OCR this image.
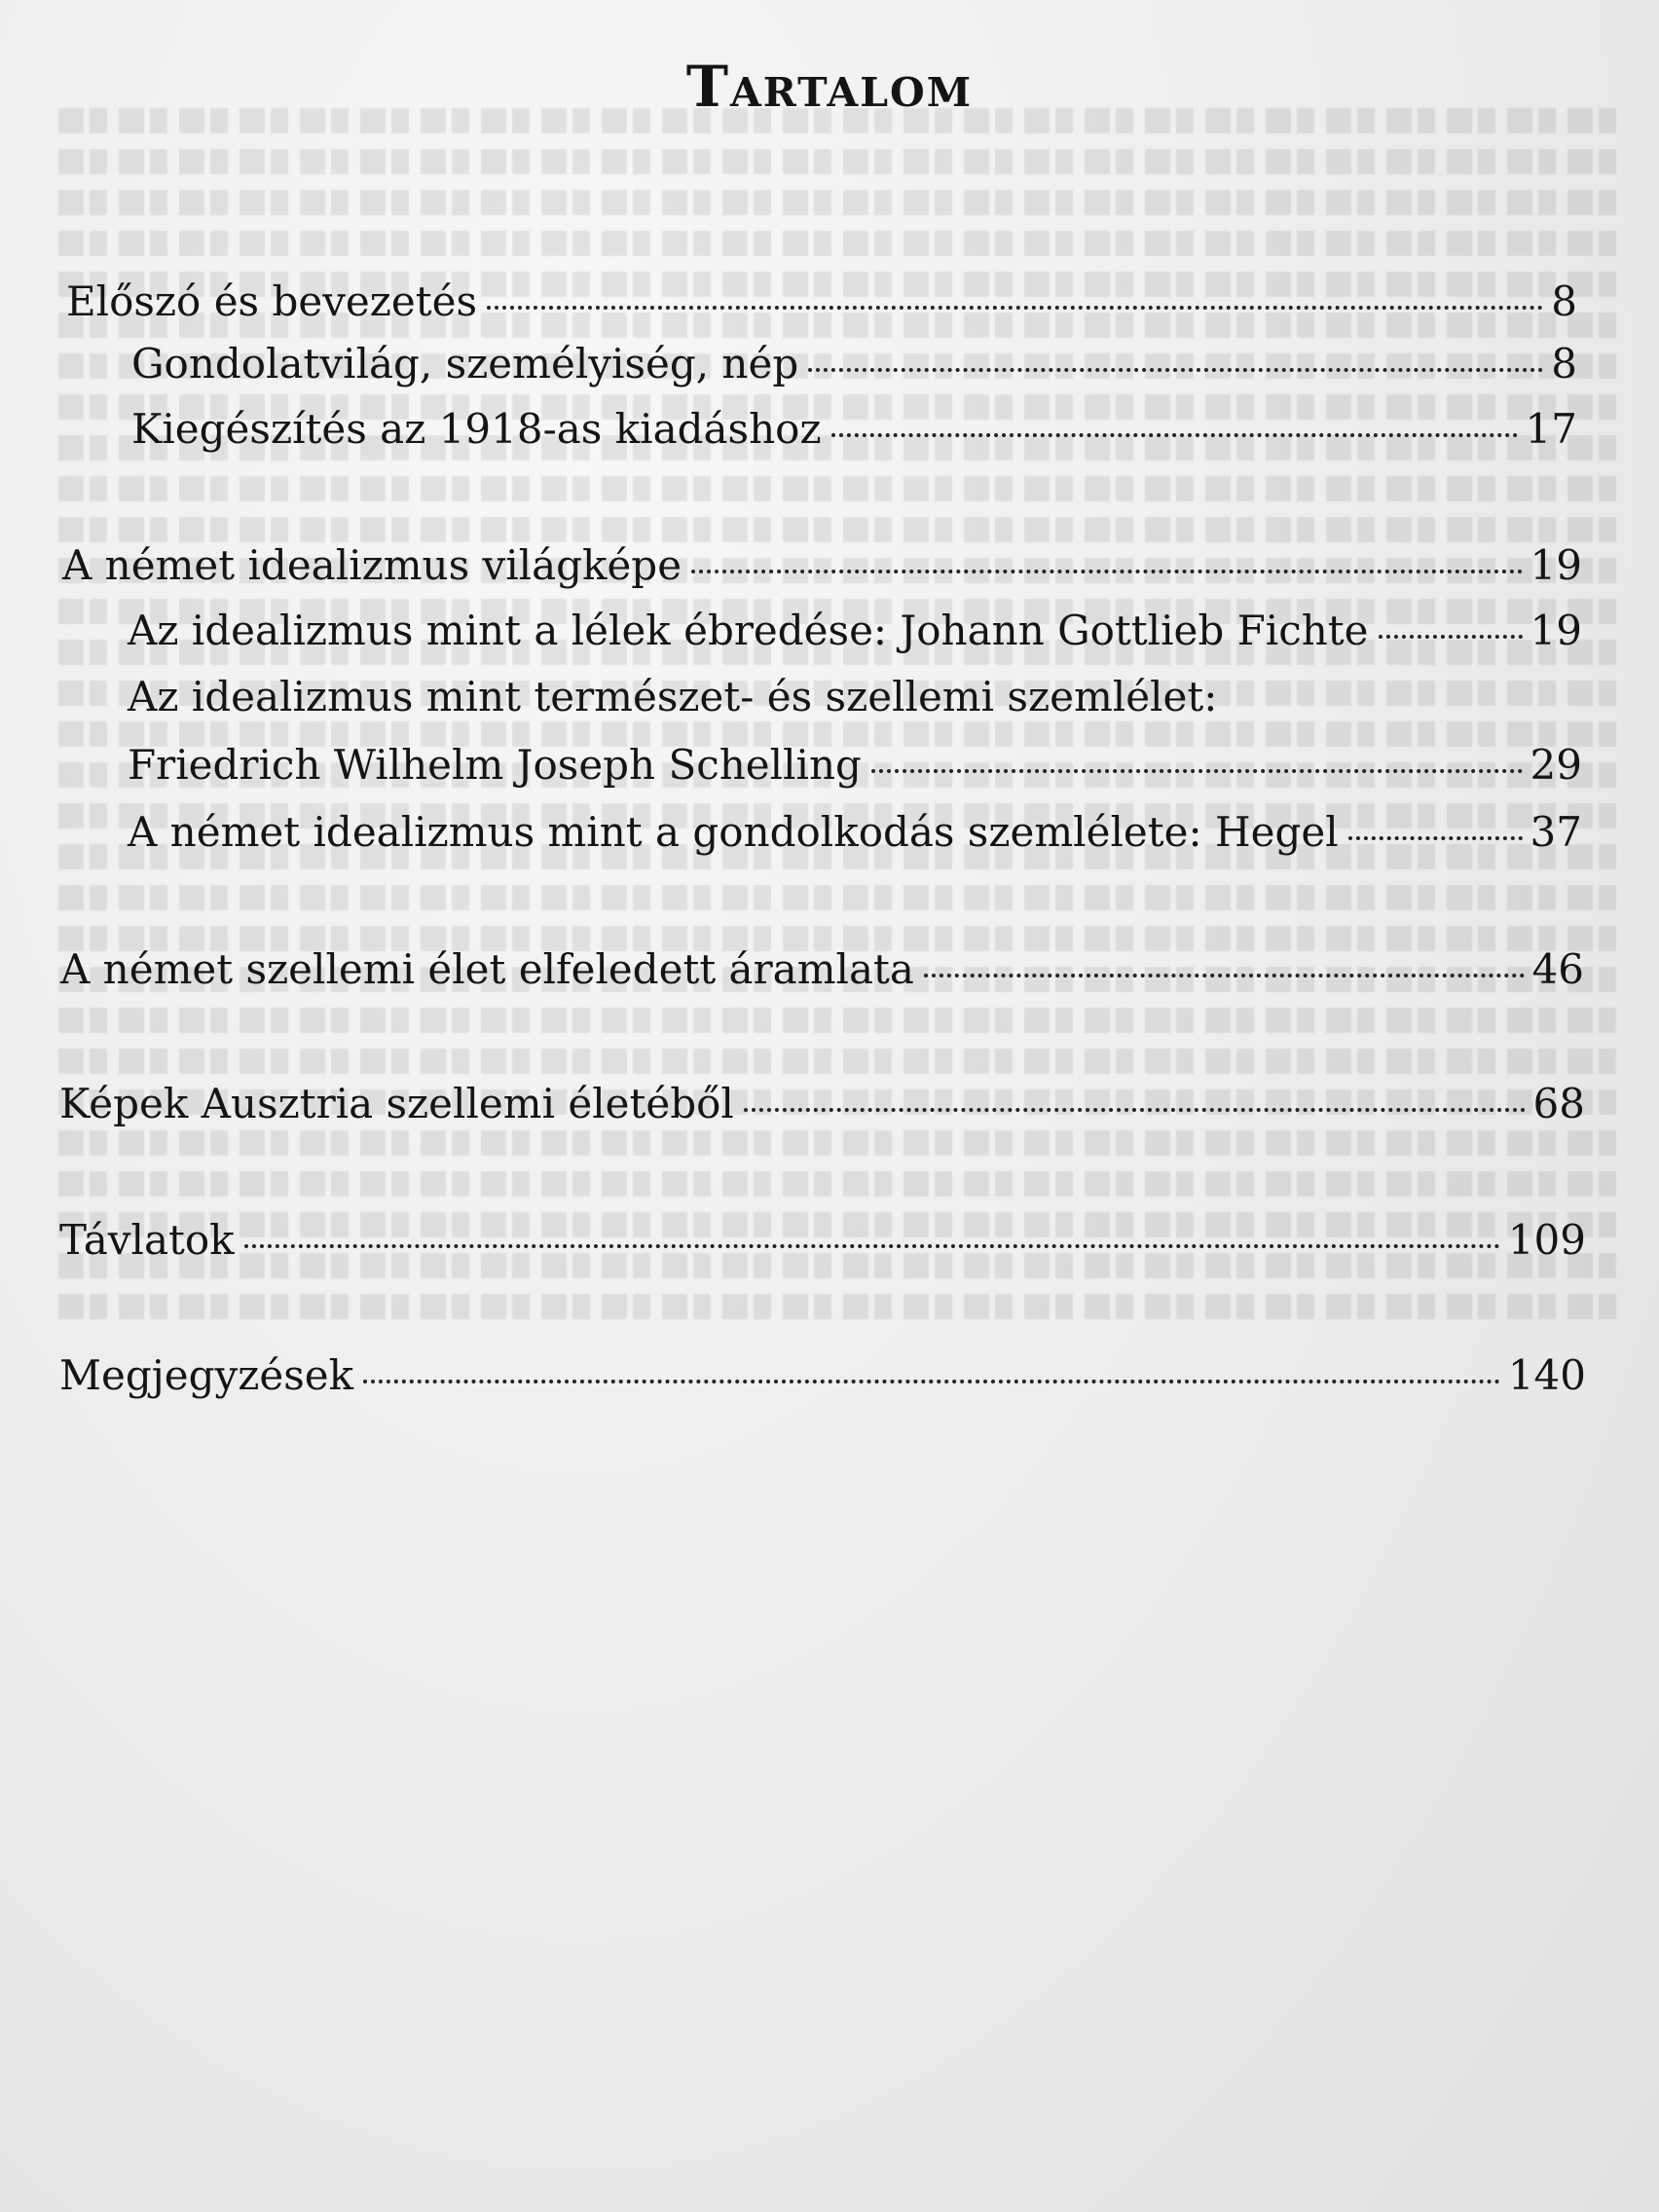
Tartalom
Előszó és bevezetés	8
Gondolatvilág, személyiség, nép	8
Kiegészítés az 1918-as kiadáshoz	17
A német idealizmus világképe	19
Az idealizmus mint a lélek ébredése: Johann Gottlieb Fichte	19
Az idealizmus mint természet- és szellemi szemlélet:
Friedrich Wilhelm Joseph Schelling	29
A német idealizmus mint a gondolkodás szemlélete: Hegel	37
A német szellemi élet elfeledett áramlata	46
Képek Ausztria szellemi életéből	68
Távlatok	109
Megjegyzések	140
